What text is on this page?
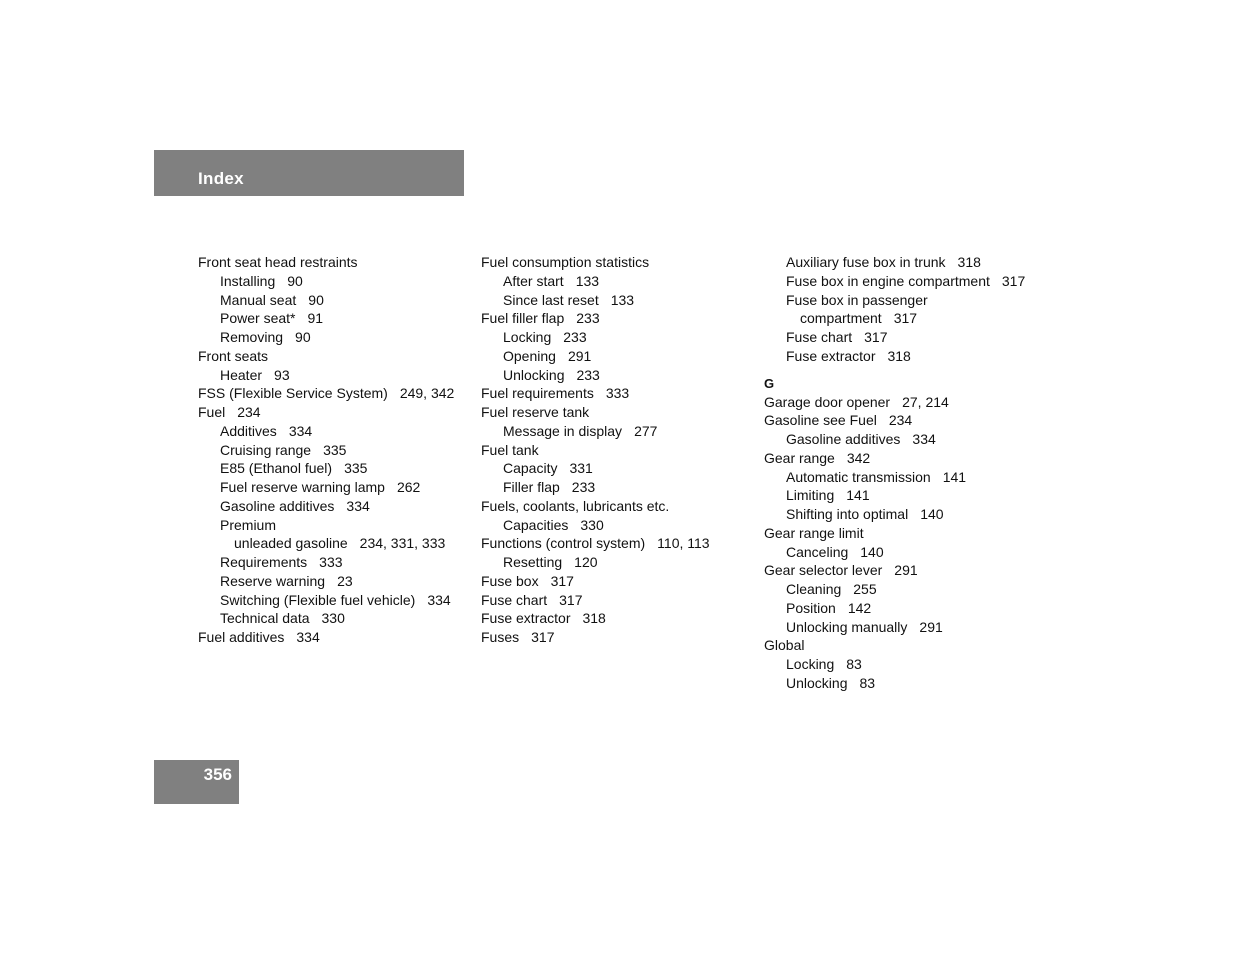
Index
Front seat head restraints
Installing 90
Manual seat 90
Power seat* 91
Removing 90
Front seats
Heater 93
FSS (Flexible Service System) 249, 342
Fuel 234
Additives 334
Cruising range 335
E85 (Ethanol fuel) 335
Fuel reserve warning lamp 262
Gasoline additives 334
Premium
unleaded gasoline 234, 331, 333
Requirements 333
Reserve warning 23
Switching (Flexible fuel vehicle) 334
Technical data 330
Fuel additives 334
Fuel consumption statistics
After start 133
Since last reset 133
Fuel filler flap 233
Locking 233
Opening 291
Unlocking 233
Fuel requirements 333
Fuel reserve tank
Message in display 277
Fuel tank
Capacity 331
Filler flap 233
Fuels, coolants, lubricants etc.
Capacities 330
Functions (control system) 110, 113
Resetting 120
Fuse box 317
Fuse chart 317
Fuse extractor 318
Fuses 317
Auxiliary fuse box in trunk 318
Fuse box in engine compartment 317
Fuse box in passenger
compartment 317
Fuse chart 317
Fuse extractor 318
G
Garage door opener 27, 214
Gasoline see Fuel 234
Gasoline additives 334
Gear range 342
Automatic transmission 141
Limiting 141
Shifting into optimal 140
Gear range limit
Canceling 140
Gear selector lever 291
Cleaning 255
Position 142
Unlocking manually 291
Global
Locking 83
Unlocking 83
356
